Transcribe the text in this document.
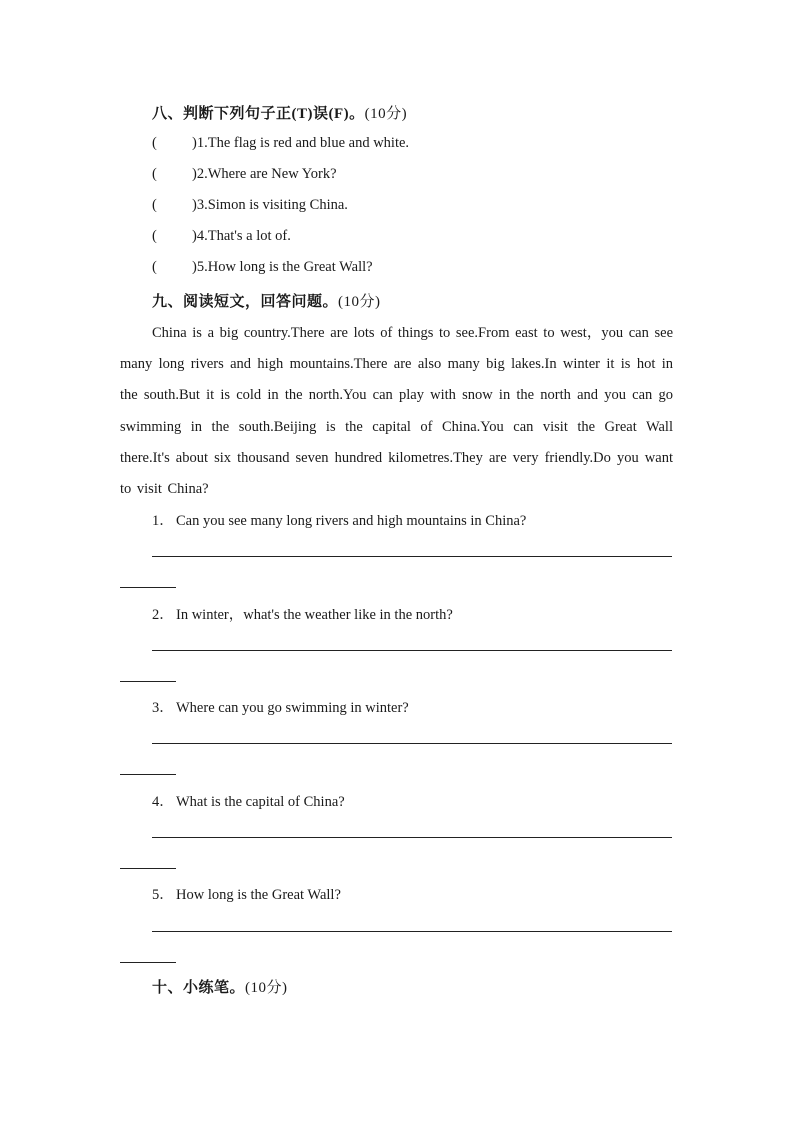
八、判断下列句子正(T)误(F)。(10分)
(	) 1.The flag is red and blue and white.
(	) 2.Where are New York?
(	) 3.Simon is visiting China.
(	) 4.That's a lot of.
(	) 5.How long is the Great Wall?
九、阅读短文，回答问题。(10分)
China is a big country.There are lots of things to see.From east to west，you can see many long rivers and high mountains.There are also many big lakes.In winter it is hot in the south.But it is cold in the north.You can play with snow in the north and you can go swimming in the south.Beijing is the capital of China.You can visit the Great Wall there.It's about six thousand seven hundred kilometres.They are very friendly.Do you want to visit China?
1． Can you see many long rivers and high mountains in China?
2． In winter，what's the weather like in the north?
3． Where can you go swimming in winter?
4． What is the capital of China?
5． How long is the Great Wall?
十、小练笔。(10分)
